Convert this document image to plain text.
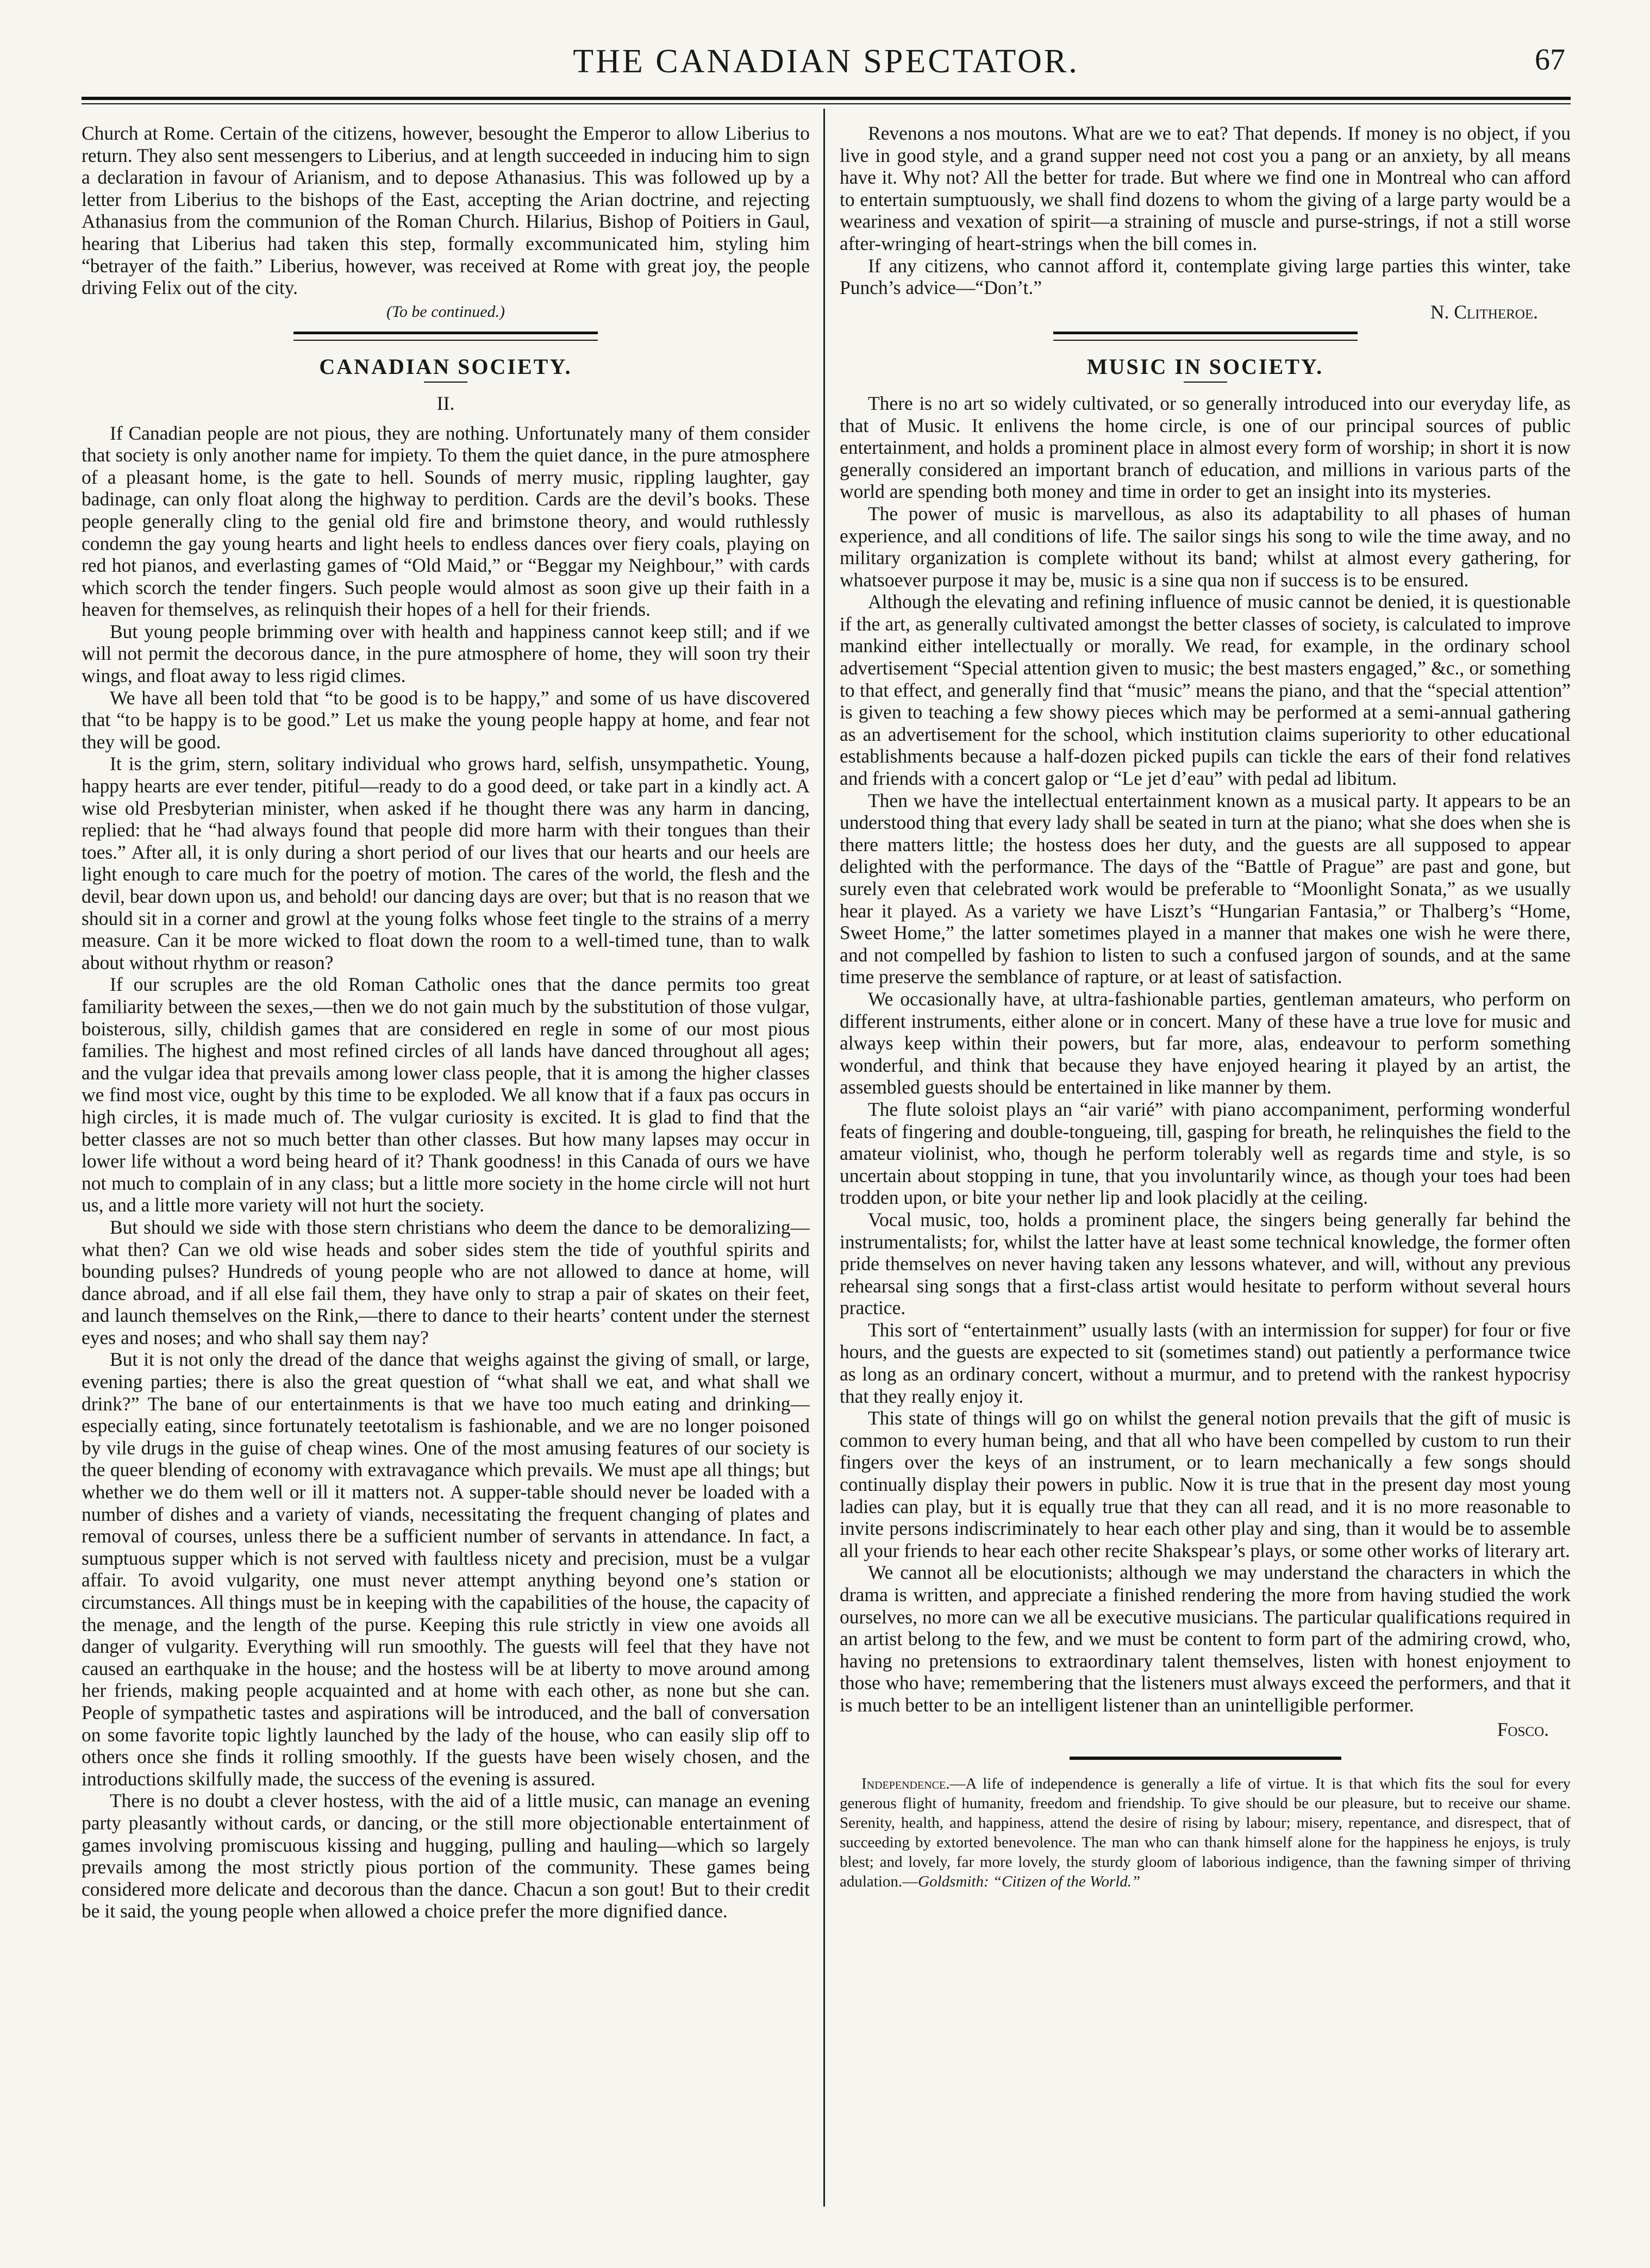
THE CANADIAN SPECTATOR.	67

Church at Rome. Certain of the citizens, however, besought the Emperor to allow Liberius to return. They also sent messengers to Liberius, and at length succeeded in inducing him to sign a declaration in favour of Arianism, and to depose Athanasius. This was followed up by a letter from Liberius to the bishops of the East, accepting the Arian doctrine, and rejecting Athanasius from the communion of the Roman Church. Hilarius, Bishop of Poitiers in Gaul, hearing that Liberius had taken this step, formally excommunicated him, styling him “betrayer of the faith.” Liberius, however, was received at Rome with great joy, the people driving Felix out of the city.

(To be continued.)
CANADIAN SOCIETY.
II.

If Canadian people are not pious, they are nothing. Unfortunately many of them consider that society is only another name for impiety. To them the quiet dance, in the pure atmosphere of a pleasant home, is the gate to hell. Sounds of merry music, rippling laughter, gay badinage, can only float along the highway to perdition. Cards are the devil’s books. These people generally cling to the genial old fire and brimstone theory, and would ruthlessly condemn the gay young hearts and light heels to endless dances over fiery coals, playing on red hot pianos, and everlasting games of “Old Maid,” or “Beggar my Neighbour,” with cards which scorch the tender fingers. Such people would almost as soon give up their faith in a heaven for themselves, as relinquish their hopes of a hell for their friends.

But young people brimming over with health and happiness cannot keep still; and if we will not permit the decorous dance, in the pure atmosphere of home, they will soon try their wings, and float away to less rigid climes.

We have all been told that “to be good is to be happy,” and some of us have discovered that “to be happy is to be good.” Let us make the young people happy at home, and fear not they will be good.

It is the grim, stern, solitary individual who grows hard, selfish, unsympathetic. Young, happy hearts are ever tender, pitiful—ready to do a good deed, or take part in a kindly act. A wise old Presbyterian minister, when asked if he thought there was any harm in dancing, replied: that he “had always found that people did more harm with their tongues than their toes.” After all, it is only during a short period of our lives that our hearts and our heels are light enough to care much for the poetry of motion. The cares of the world, the flesh and the devil, bear down upon us, and behold! our dancing days are over; but that is no reason that we should sit in a corner and growl at the young folks whose feet tingle to the strains of a merry measure. Can it be more wicked to float down the room to a well-timed tune, than to walk about without rhythm or reason?

If our scruples are the old Roman Catholic ones that the dance permits too great familiarity between the sexes,—then we do not gain much by the substitution of those vulgar, boisterous, silly, childish games that are considered en regle in some of our most pious families. The highest and most refined circles of all lands have danced throughout all ages; and the vulgar idea that prevails among lower class people, that it is among the higher classes we find most vice, ought by this time to be exploded. We all know that if a faux pas occurs in high circles, it is made much of. The vulgar curiosity is excited. It is glad to find that the better classes are not so much better than other classes. But how many lapses may occur in lower life without a word being heard of it? Thank goodness! in this Canada of ours we have not much to complain of in any class; but a little more society in the home circle will not hurt us, and a little more variety will not hurt the society.

But should we side with those stern christians who deem the dance to be demoralizing—what then? Can we old wise heads and sober sides stem the tide of youthful spirits and bounding pulses? Hundreds of young people who are not allowed to dance at home, will dance abroad, and if all else fail them, they have only to strap a pair of skates on their feet, and launch themselves on the Rink,—there to dance to their hearts’ content under the sternest eyes and noses; and who shall say them nay?

But it is not only the dread of the dance that weighs against the giving of small, or large, evening parties; there is also the great question of “what shall we eat, and what shall we drink?” The bane of our entertainments is that we have too much eating and drinking—especially eating, since fortunately teetotalism is fashionable, and we are no longer poisoned by vile drugs in the guise of cheap wines. One of the most amusing features of our society is the queer blending of economy with extravagance which prevails. We must ape all things; but whether we do them well or ill it matters not. A supper-table should never be loaded with a number of dishes and a variety of viands, necessitating the frequent changing of plates and removal of courses, unless there be a sufficient number of servants in attendance. In fact, a sumptuous supper which is not served with faultless nicety and precision, must be a vulgar affair. To avoid vulgarity, one must never attempt anything beyond one’s station or circumstances. All things must be in keeping with the capabilities of the house, the capacity of the menage, and the length of the purse. Keeping this rule strictly in view one avoids all danger of vulgarity. Everything will run smoothly. The guests will feel that they have not caused an earthquake in the house; and the hostess will be at liberty to move around among her friends, making people acquainted and at home with each other, as none but she can. People of sympathetic tastes and aspirations will be introduced, and the ball of conversation on some favorite topic lightly launched by the lady of the house, who can easily slip off to others once she finds it rolling smoothly. If the guests have been wisely chosen, and the introductions skilfully made, the success of the evening is assured.

There is no doubt a clever hostess, with the aid of a little music, can manage an evening party pleasantly without cards, or dancing, or the still more objectionable entertainment of games involving promiscuous kissing and hugging, pulling and hauling—which so largely prevails among the most strictly pious portion of the community. These games being considered more delicate and decorous than the dance. Chacun a son gout! But to their credit be it said, the young people when allowed a choice prefer the more dignified dance.

Revenons a nos moutons. What are we to eat? That depends. If money is no object, if you live in good style, and a grand supper need not cost you a pang or an anxiety, by all means have it. Why not? All the better for trade. But where we find one in Montreal who can afford to entertain sumptuously, we shall find dozens to whom the giving of a large party would be a weariness and vexation of spirit—a straining of muscle and purse-strings, if not a still worse after-wringing of heart-strings when the bill comes in.

If any citizens, who cannot afford it, contemplate giving large parties this winter, take Punch’s advice—“Don’t.”

N. Clitheroe.
MUSIC IN SOCIETY.

There is no art so widely cultivated, or so generally introduced into our everyday life, as that of Music. It enlivens the home circle, is one of our principal sources of public entertainment, and holds a prominent place in almost every form of worship; in short it is now generally considered an important branch of education, and millions in various parts of the world are spending both money and time in order to get an insight into its mysteries.

The power of music is marvellous, as also its adaptability to all phases of human experience, and all conditions of life. The sailor sings his song to wile the time away, and no military organization is complete without its band; whilst at almost every gathering, for whatsoever purpose it may be, music is a sine qua non if success is to be ensured.

Although the elevating and refining influence of music cannot be denied, it is questionable if the art, as generally cultivated amongst the better classes of society, is calculated to improve mankind either intellectually or morally. We read, for example, in the ordinary school advertisement “Special attention given to music; the best masters engaged,” &c., or something to that effect, and generally find that “music” means the piano, and that the “special attention” is given to teaching a few showy pieces which may be performed at a semi-annual gathering as an advertisement for the school, which institution claims superiority to other educational establishments because a half-dozen picked pupils can tickle the ears of their fond relatives and friends with a concert galop or “Le jet d’eau” with pedal ad libitum.

Then we have the intellectual entertainment known as a musical party. It appears to be an understood thing that every lady shall be seated in turn at the piano; what she does when she is there matters little; the hostess does her duty, and the guests are all supposed to appear delighted with the performance. The days of the “Battle of Prague” are past and gone, but surely even that celebrated work would be preferable to “Moonlight Sonata,” as we usually hear it played. As a variety we have Liszt’s “Hungarian Fantasia,” or Thalberg’s “Home, Sweet Home,” the latter sometimes played in a manner that makes one wish he were there, and not compelled by fashion to listen to such a confused jargon of sounds, and at the same time preserve the semblance of rapture, or at least of satisfaction.

We occasionally have, at ultra-fashionable parties, gentleman amateurs, who perform on different instruments, either alone or in concert. Many of these have a true love for music and always keep within their powers, but far more, alas, endeavour to perform something wonderful, and think that because they have enjoyed hearing it played by an artist, the assembled guests should be entertained in like manner by them.

The flute soloist plays an “air varié” with piano accompaniment, performing wonderful feats of fingering and double-tongueing, till, gasping for breath, he relinquishes the field to the amateur violinist, who, though he perform tolerably well as regards time and style, is so uncertain about stopping in tune, that you involuntarily wince, as though your toes had been trodden upon, or bite your nether lip and look placidly at the ceiling.

Vocal music, too, holds a prominent place, the singers being generally far behind the instrumentalists; for, whilst the latter have at least some technical knowledge, the former often pride themselves on never having taken any lessons whatever, and will, without any previous rehearsal sing songs that a first-class artist would hesitate to perform without several hours practice.

This sort of “entertainment” usually lasts (with an intermission for supper) for four or five hours, and the guests are expected to sit (sometimes stand) out patiently a performance twice as long as an ordinary concert, without a murmur, and to pretend with the rankest hypocrisy that they really enjoy it.

This state of things will go on whilst the general notion prevails that the gift of music is common to every human being, and that all who have been compelled by custom to run their fingers over the keys of an instrument, or to learn mechanically a few songs should continually display their powers in public. Now it is true that in the present day most young ladies can play, but it is equally true that they can all read, and it is no more reasonable to invite persons indiscriminately to hear each other play and sing, than it would be to assemble all your friends to hear each other recite Shakspear’s plays, or some other works of literary art.

We cannot all be elocutionists; although we may understand the characters in which the drama is written, and appreciate a finished rendering the more from having studied the work ourselves, no more can we all be executive musicians. The particular qualifications required in an artist belong to the few, and we must be content to form part of the admiring crowd, who, having no pretensions to extraordinary talent themselves, listen with honest enjoyment to those who have; remembering that the listeners must always exceed the performers, and that it is much better to be an intelligent listener than an unintelligible performer.

Fosco.

Independence.—A life of independence is generally a life of virtue. It is that which fits the soul for every generous flight of humanity, freedom and friendship. To give should be our pleasure, but to receive our shame. Serenity, health, and happiness, attend the desire of rising by labour; misery, repentance, and disrespect, that of succeeding by extorted benevolence. The man who can thank himself alone for the happiness he enjoys, is truly blest; and lovely, far more lovely, the sturdy gloom of laborious indigence, than the fawning simper of thriving adulation.—Goldsmith: “Citizen of the World.”
